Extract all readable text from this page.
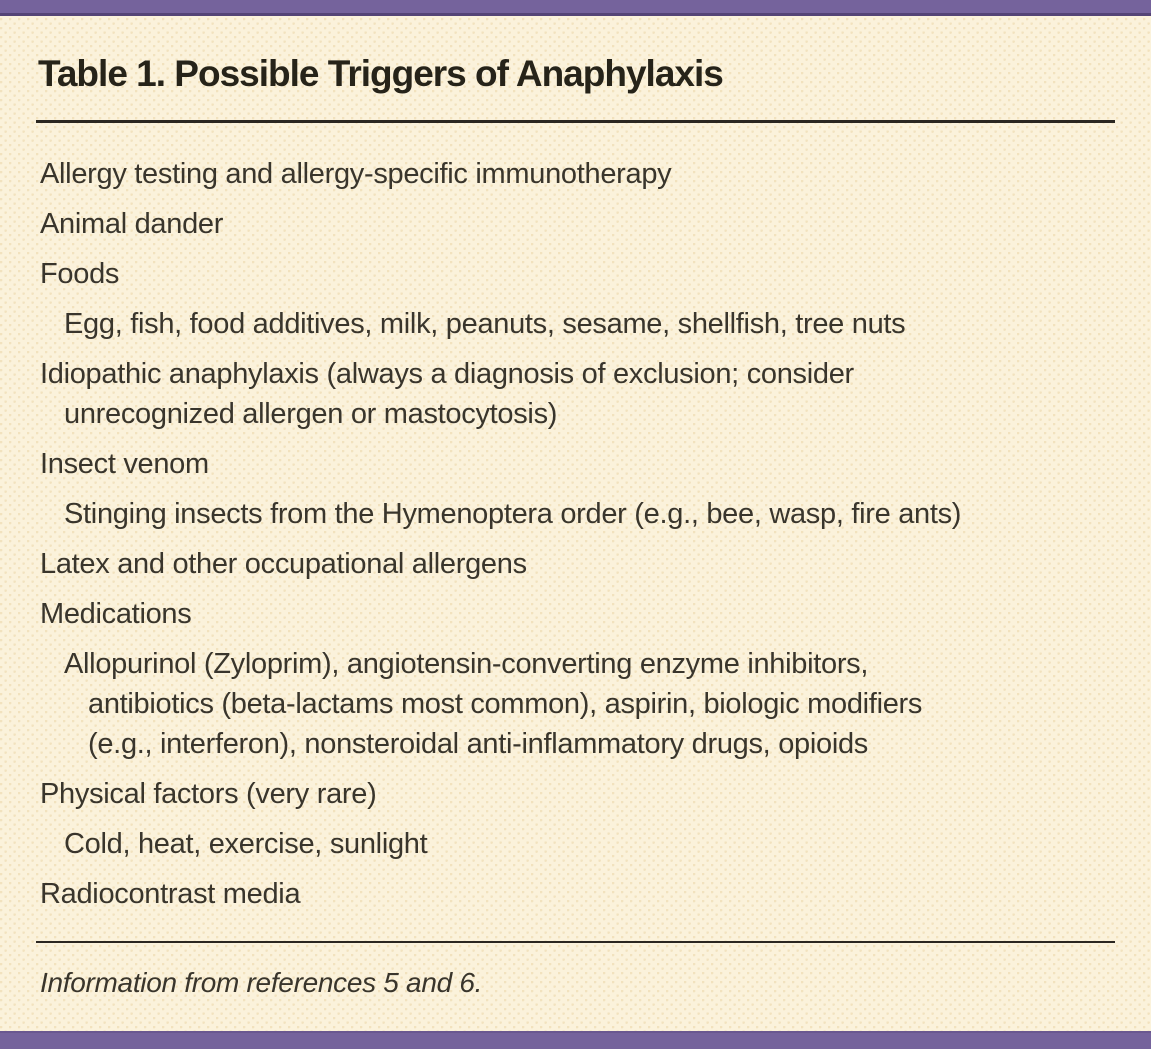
Table 1. Possible Triggers of Anaphylaxis
Allergy testing and allergy-specific immunotherapy
Animal dander
Foods
Egg, fish, food additives, milk, peanuts, sesame, shellfish, tree nuts
Idiopathic anaphylaxis (always a diagnosis of exclusion; consider
unrecognized allergen or mastocytosis)
Insect venom
Stinging insects from the Hymenoptera order (e.g., bee, wasp, fire ants)
Latex and other occupational allergens
Medications
Allopurinol (Zyloprim), angiotensin-converting enzyme inhibitors,
antibiotics (beta-lactams most common), aspirin, biologic modifiers
(e.g., interferon), nonsteroidal anti-inflammatory drugs, opioids
Physical factors (very rare)
Cold, heat, exercise, sunlight
Radiocontrast media
Information from references 5 and 6.
